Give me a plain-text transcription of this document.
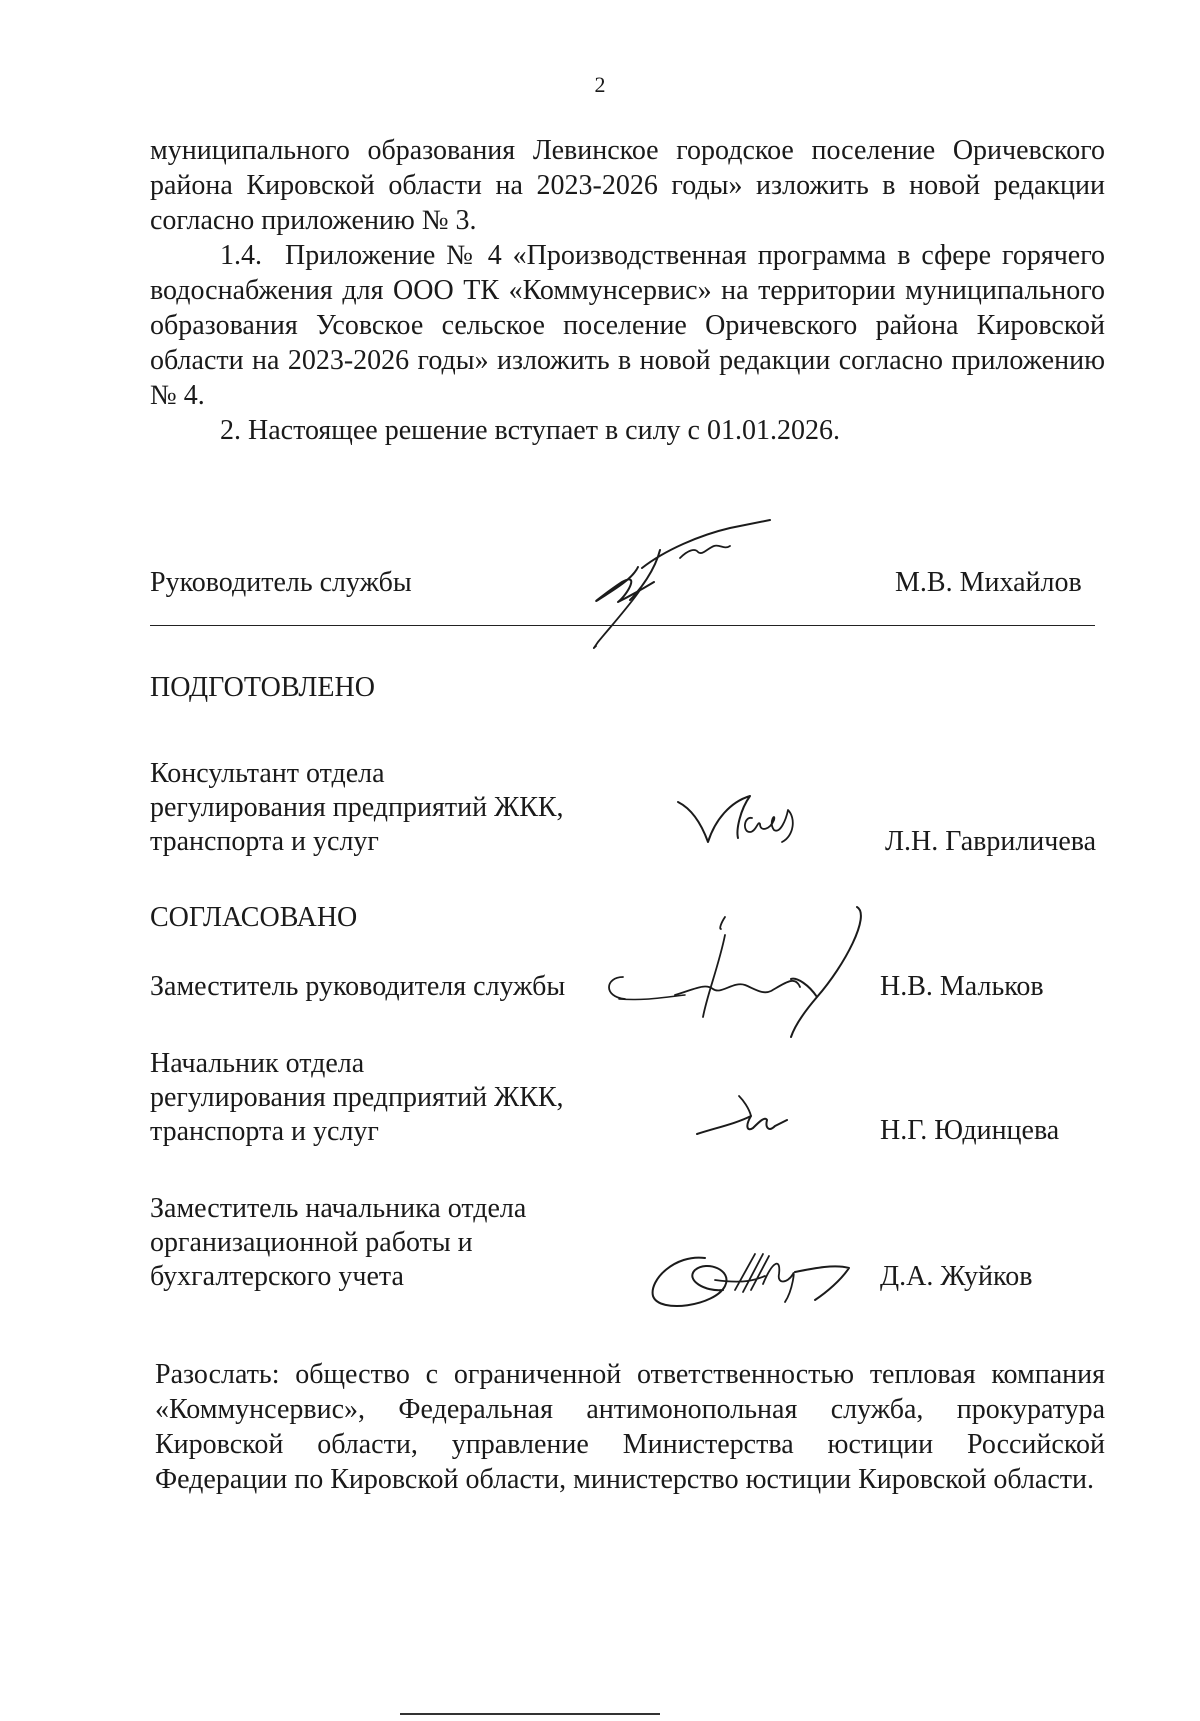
2

муниципального образования Левинское городское поселение Оричевского района Кировской области на 2023-2026 годы» изложить в новой редакции согласно приложению № 3.

1.4. Приложение № 4 «Производственная программа в сфере горячего водоснабжения для ООО ТК «Коммунсервис» на территории муниципального образования Усовское сельское поселение Оричевского района Кировской области на 2023-2026 годы» изложить в новой редакции согласно приложению № 4.

2. Настоящее решение вступает в силу с 01.01.2026.

Руководитель службы	М.В. Михайлов
ПОДГОТОВЛЕНО
Консультант отдела
регулирования предприятий ЖКК,
транспорта и услуг	Л.Н. Гавриличева
СОГЛАСОВАНО
Заместитель руководителя службы	Н.В. Мальков
Начальник отдела
регулирования предприятий ЖКК,
транспорта и услуг	Н.Г. Юдинцева
Заместитель начальника отдела
организационной работы и
бухгалтерского учета	Д.А. Жуйков
Разослать: общество с ограниченной ответственностью тепловая компания «Коммунсервис», Федеральная антимонопольная служба, прокуратура Кировской области, управление Министерства юстиции Российской Федерации по Кировской области, министерство юстиции Кировской области.
